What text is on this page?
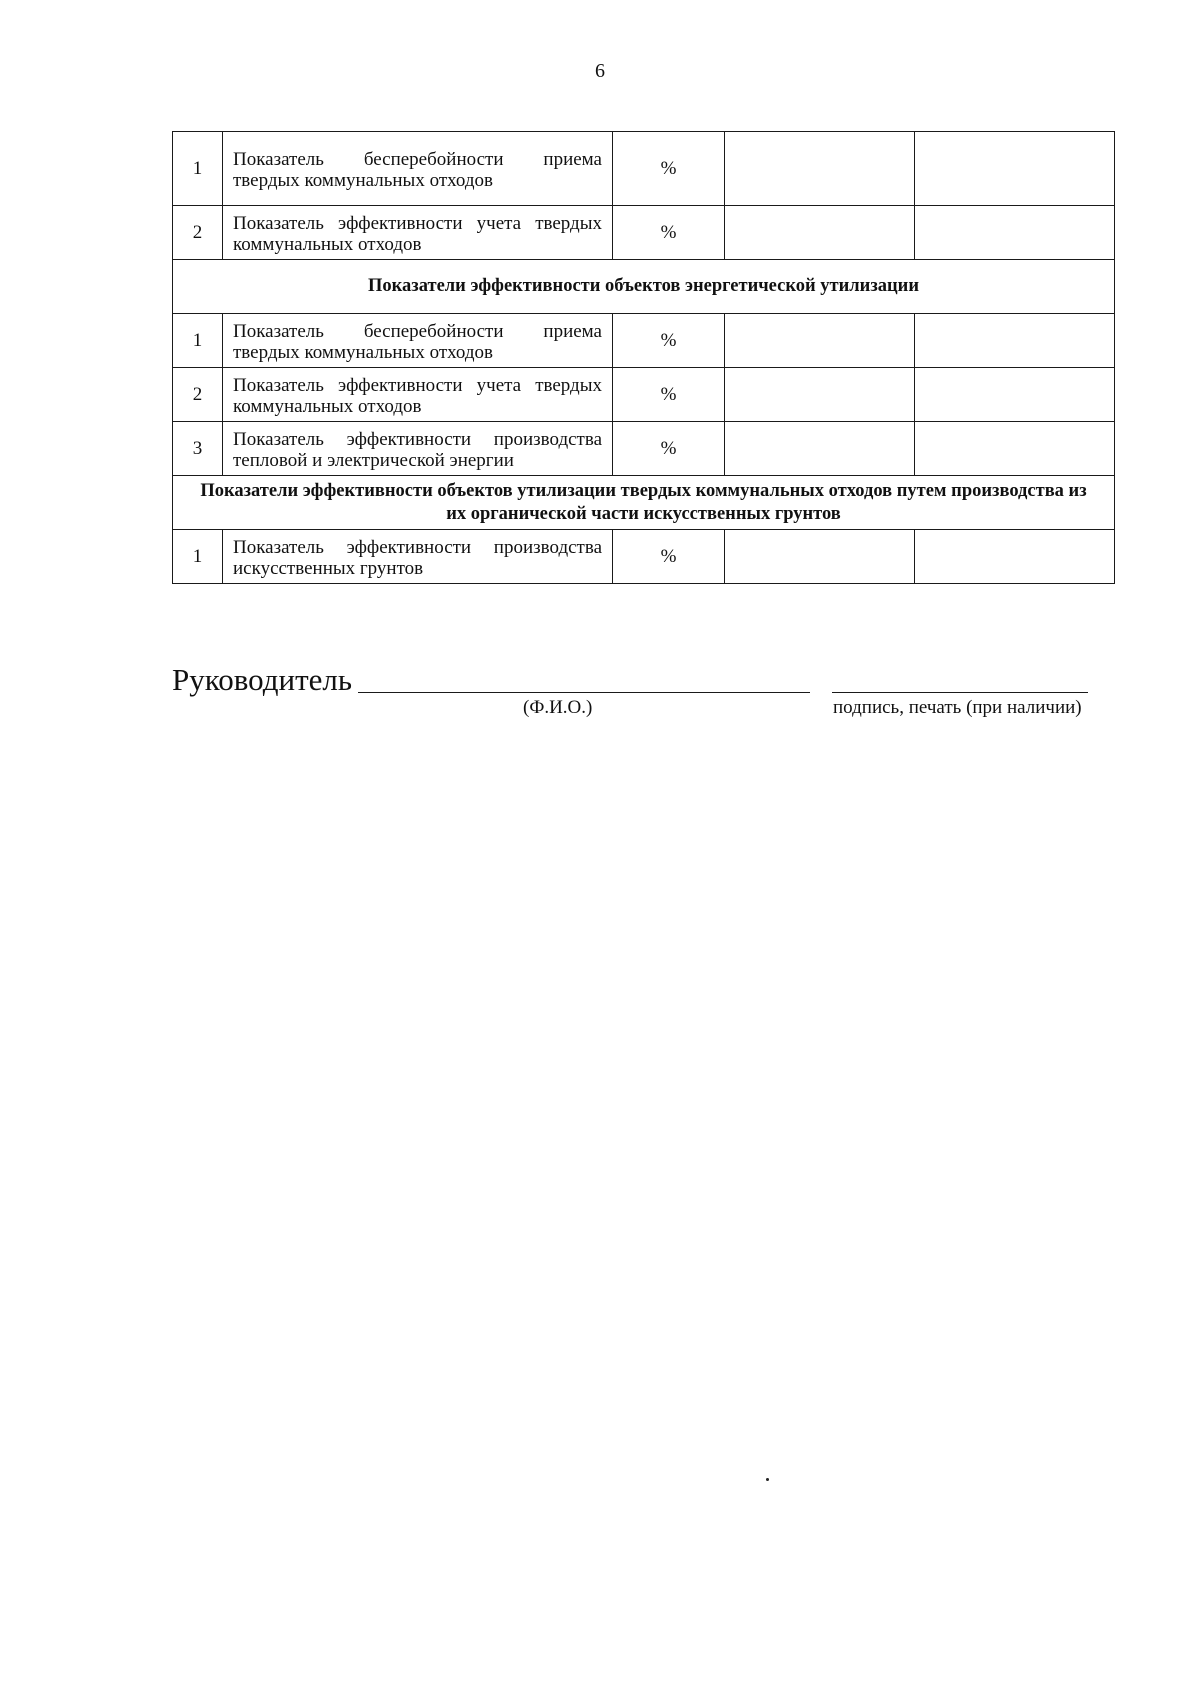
6
1	Показатель бесперебойности приема твердых коммунальных отходов	%		
2	Показатель эффективности учета твердых коммунальных отходов	%		
Показатели эффективности объектов энергетической утилизации				
1	Показатель бесперебойности приема твердых коммунальных отходов	%		
2	Показатель эффективности учета твердых коммунальных отходов	%		
3	Показатель эффективности производства тепловой и электрической энергии	%		
Показатели эффективности объектов утилизации твердых коммунальных отходов путем производства из их органической части искусственных грунтов				
1	Показатель эффективности производства искусственных грунтов	%		
Руководитель
(Ф.И.О.)	подпись, печать (при наличии)
